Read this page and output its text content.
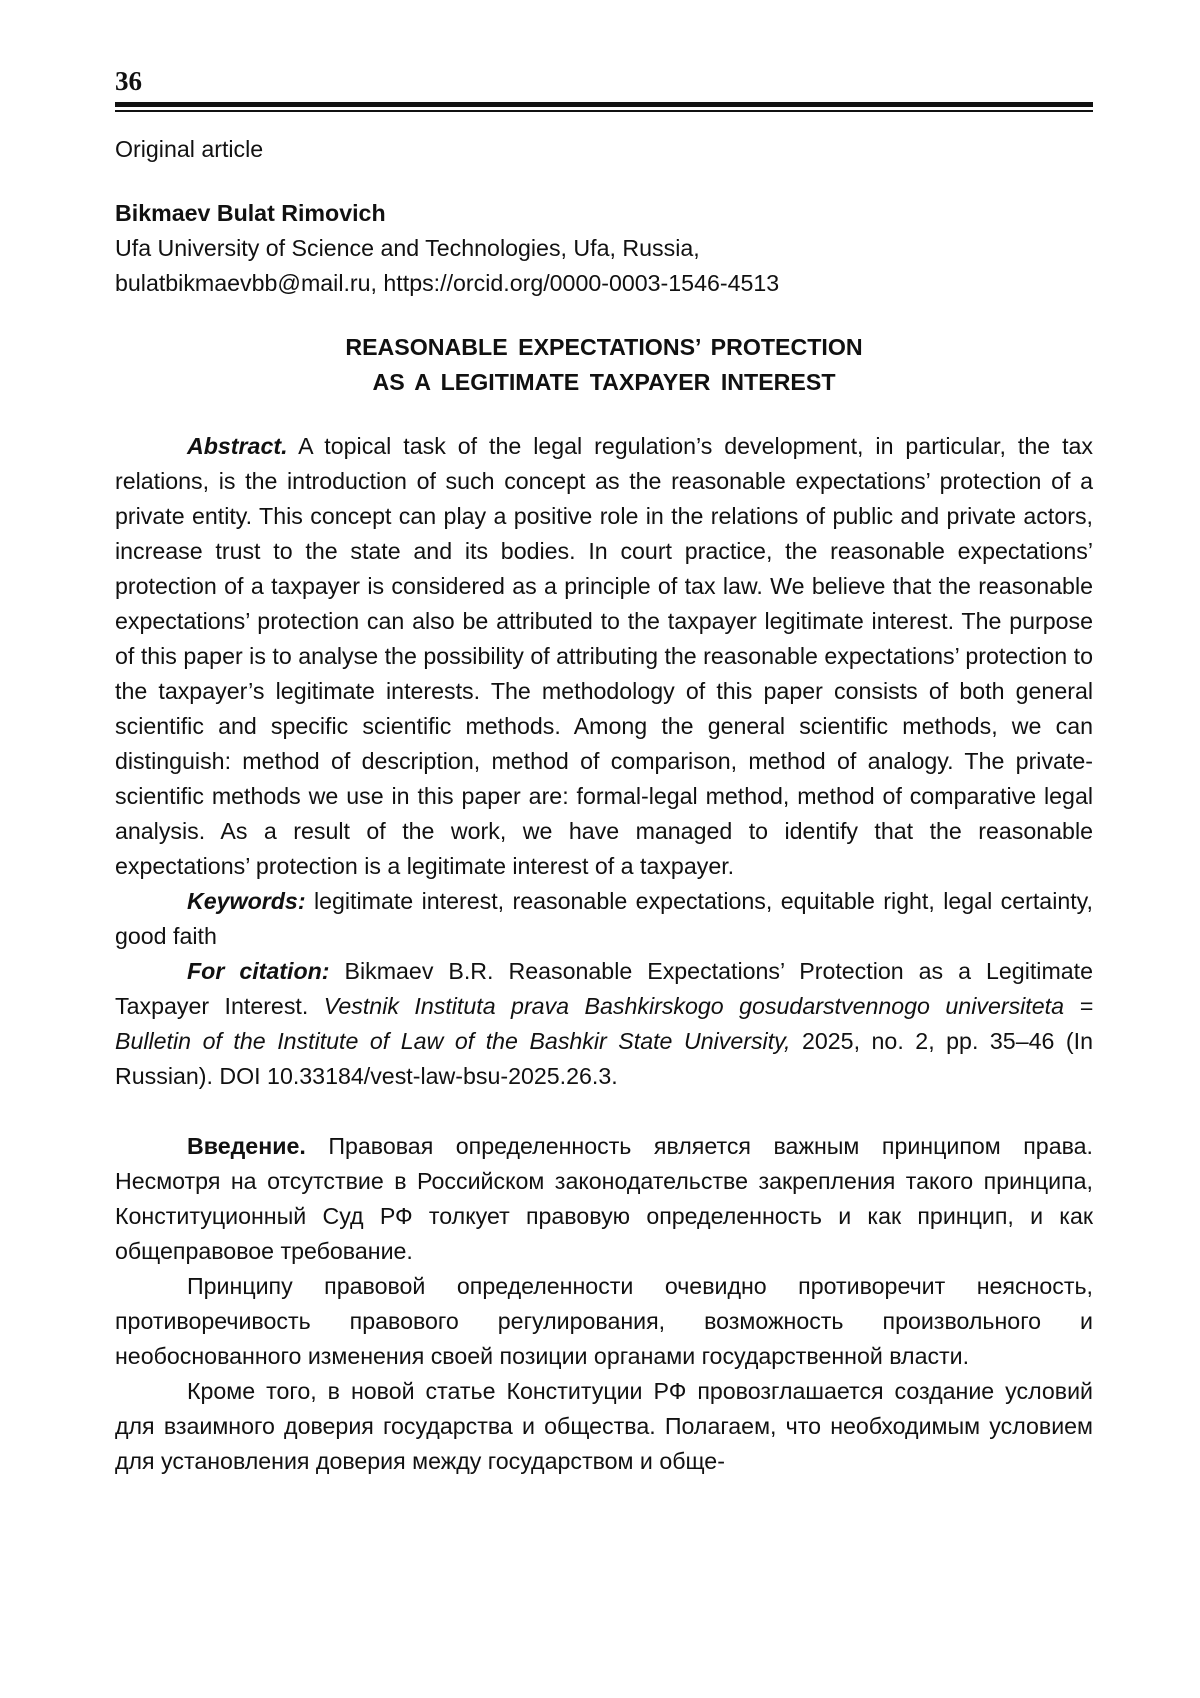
36
Original article
Bikmaev Bulat Rimovich
Ufa University of Science and Technologies, Ufa, Russia,
bulatbikmaevbb@mail.ru, https://orcid.org/0000-0003-1546-4513
REASONABLE EXPECTATIONS’ PROTECTION
AS A LEGITIMATE TAXPAYER INTEREST

Abstract. A topical task of the legal regulation’s development, in particular, the tax relations, is the introduction of such concept as the reasonable expectations’ protection of a private entity. This concept can play a positive role in the relations of public and private actors, increase trust to the state and its bodies. In court practice, the reasonable expectations’ protection of a taxpayer is considered as a principle of tax law. We believe that the reasonable expectations’ protection can also be attributed to the taxpayer legitimate interest. The purpose of this paper is to analyse the possibility of attributing the reasonable expectations’ protection to the taxpayer’s legitimate interests. The methodology of this paper consists of both general scientific and specific scientific methods. Among the general scientific methods, we can distinguish: method of description, method of comparison, method of analogy. The private-scientific methods we use in this paper are: formal-legal method, method of comparative legal analysis. As a result of the work, we have managed to identify that the reasonable expectations’ protection is a legitimate interest of a taxpayer.

Keywords: legitimate interest, reasonable expectations, equitable right, legal certainty, good faith

For citation: Bikmaev B.R. Reasonable Expectations’ Protection as a Legitimate Taxpayer Interest. Vestnik Instituta prava Bashkirskogo gosudarstvennogo universiteta = Bulletin of the Institute of Law of the Bashkir State University, 2025, no. 2, pp. 35–46 (In Russian). DOI 10.33184/vest-law-bsu-2025.26.3.

Введение. Правовая определенность является важным принципом права. Несмотря на отсутствие в Российском законодательстве закрепления такого принципа, Конституционный Суд РФ толкует правовую определенность и как принцип, и как общеправовое требование.

Принципу правовой определенности очевидно противоречит неясность, противоречивость правового регулирования, возможность произвольного и необоснованного изменения своей позиции органами государственной власти.

Кроме того, в новой статье Конституции РФ провозглашается создание условий для взаимного доверия государства и общества. Полагаем, что необходимым условием для установления доверия между государством и обще-
